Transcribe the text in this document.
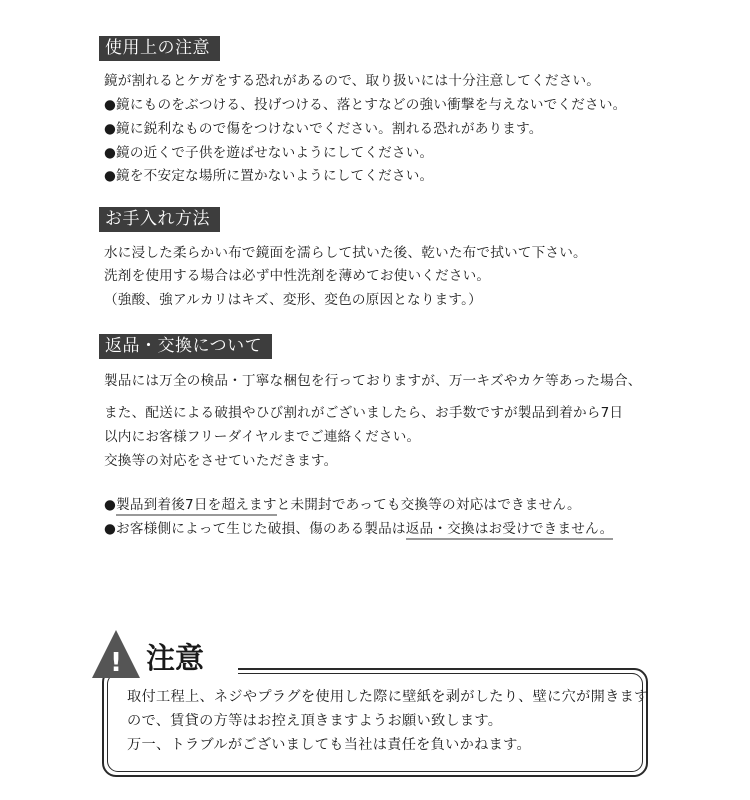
使用上の注意
鏡が割れるとケガをする恐れがあるので、取り扱いには十分注意してください。
●鏡にものをぶつける、投げつける、落とすなどの強い衝撃を与えないでください。
●鏡に鋭利なもので傷をつけないでください。割れる恐れがあります。
●鏡の近くで子供を遊ばせないようにしてください。
●鏡を不安定な場所に置かないようにしてください。
お手入れ方法
水に浸した柔らかい布で鏡面を濡らして拭いた後、乾いた布で拭いて下さい。
洗剤を使用する場合は必ず中性洗剤を薄めてお使いください。
（強酸、強アルカリはキズ、変形、変色の原因となります。）
返品・交換について
製品には万全の検品・丁寧な梱包を行っておりますが、万一キズやカケ等あった場合、
また、配送による破損やひび割れがございましたら、お手数ですが製品到着から7日
以内にお客様フリーダイヤルまでご連絡ください。
交換等の対応をさせていただきます。
●製品到着後7日を超えますと未開封であっても交換等の対応はできません。
●お客様側によって生じた破損、傷のある製品は返品・交換はお受けできません。
! 注意
取付工程上、ネジやプラグを使用した際に壁紙を剥がしたり、壁に穴が開きます
ので、賃貸の方等はお控え頂きますようお願い致します。
万一、トラブルがございましても当社は責任を負いかねます。
